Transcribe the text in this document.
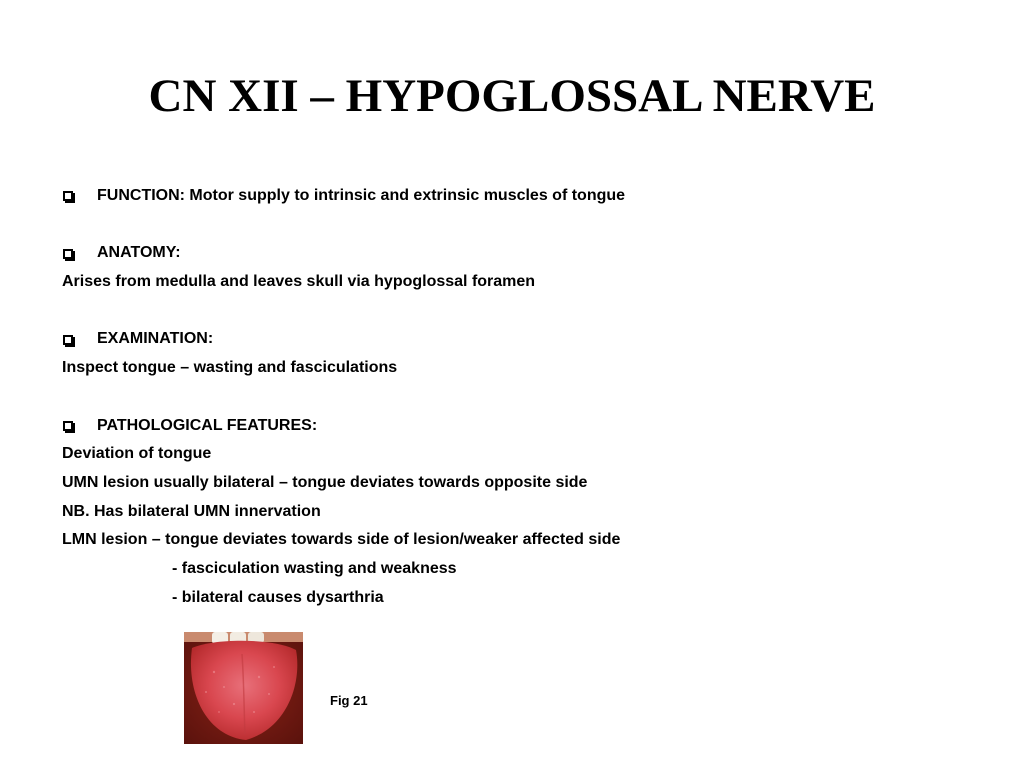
CN XII – HYPOGLOSSAL NERVE
FUNCTION: Motor supply to intrinsic and extrinsic muscles of tongue
ANATOMY:
Arises from medulla and leaves skull via hypoglossal foramen
EXAMINATION:
Inspect tongue – wasting and fasciculations
PATHOLOGICAL FEATURES:
Deviation of tongue
UMN lesion usually bilateral – tongue deviates towards opposite side
NB. Has bilateral UMN innervation
LMN lesion – tongue deviates towards side of lesion/weaker affected side
- fasciculation wasting and weakness
- bilateral causes dysarthria
Fig 21
